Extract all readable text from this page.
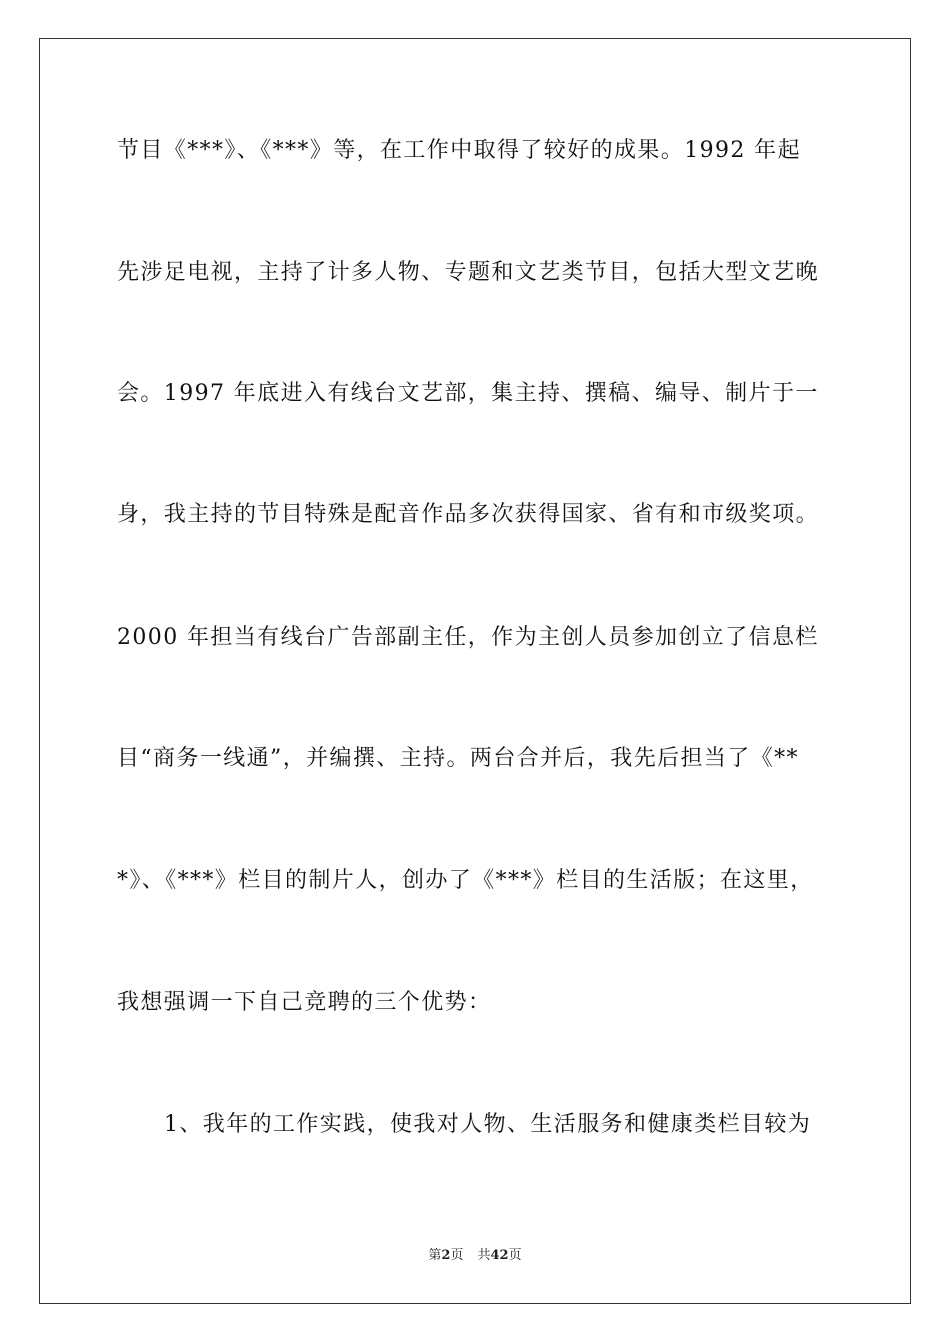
节目《***》、《***》等，在工作中取得了较好的成果。1992 年起
先涉足电视，主持了计多人物、专题和文艺类节目，包括大型文艺晚
会。1997 年底进入有线台文艺部，集主持、撰稿、编导、制片于一
身，我主持的节目特殊是配音作品多次获得国家、省有和市级奖项。
2000 年担当有线台广告部副主任，作为主创人员参加创立了信息栏
目“商务一线通”，并编撰、主持。两台合并后，我先后担当了《**
*》、《***》栏目的制片人，创办了《***》栏目的生活版；在这里，
我想强调一下自己竞聘的三个优势：
1、我年的工作实践，使我对人物、生活服务和健康类栏目较为
第2页 共42页
